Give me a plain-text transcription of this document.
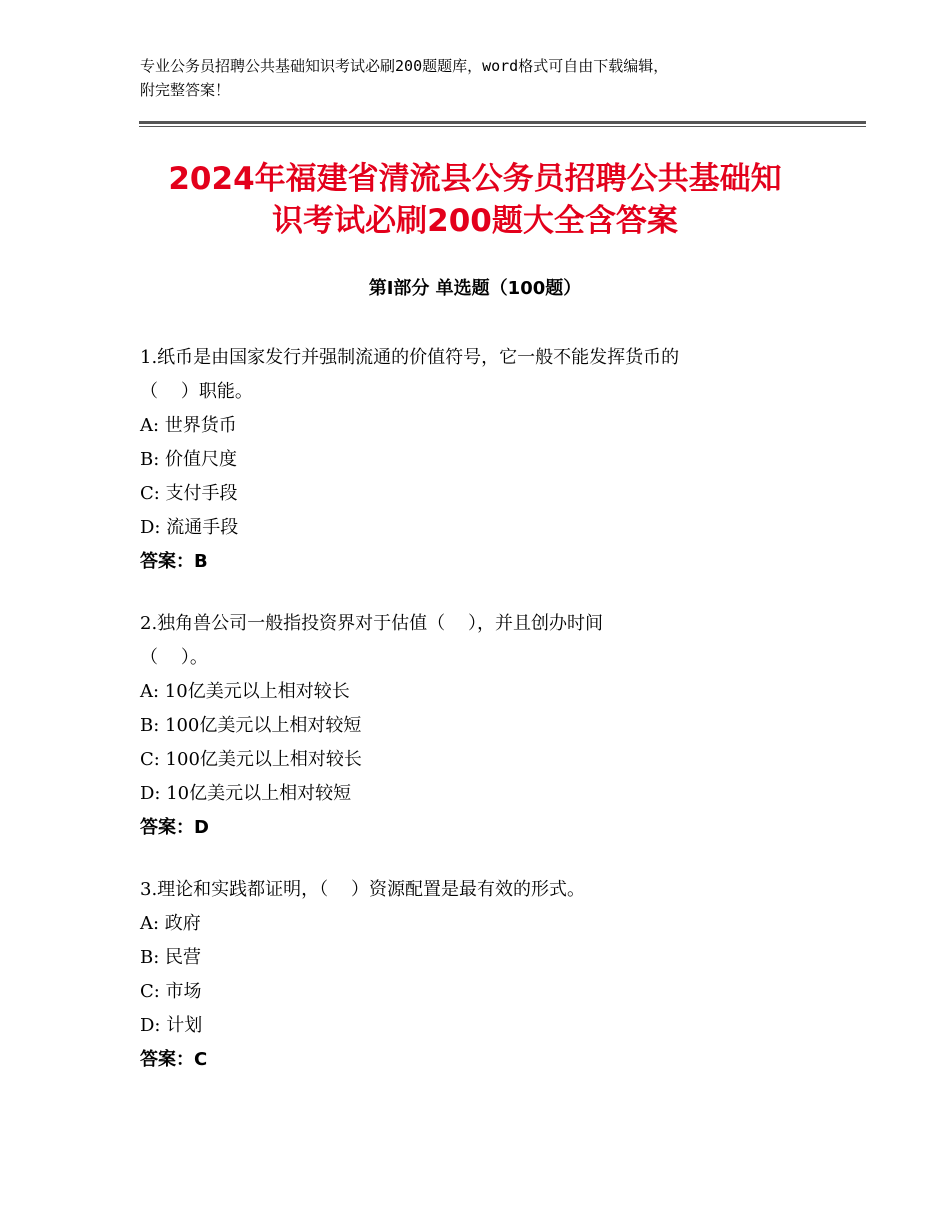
专业公务员招聘公共基础知识考试必刷200题题库，word格式可自由下载编辑，
附完整答案！
2024年福建省清流县公务员招聘公共基础知
识考试必刷200题大全含答案
第Ⅰ部分 单选题（100题）
1.纸币是由国家发行并强制流通的价值符号，它一般不能发挥货币的
（    ）职能。
A: 世界货币
B: 价值尺度
C: 支付手段
D: 流通手段
答案：B
2.独角兽公司一般指投资界对于估值（    ），并且创办时间
（    ）。
A: 10亿美元以上相对较长
B: 100亿美元以上相对较短
C: 100亿美元以上相对较长
D: 10亿美元以上相对较短
答案：D
3.理论和实践都证明，（    ）资源配置是最有效的形式。
A: 政府
B: 民营
C: 市场
D: 计划
答案：C
